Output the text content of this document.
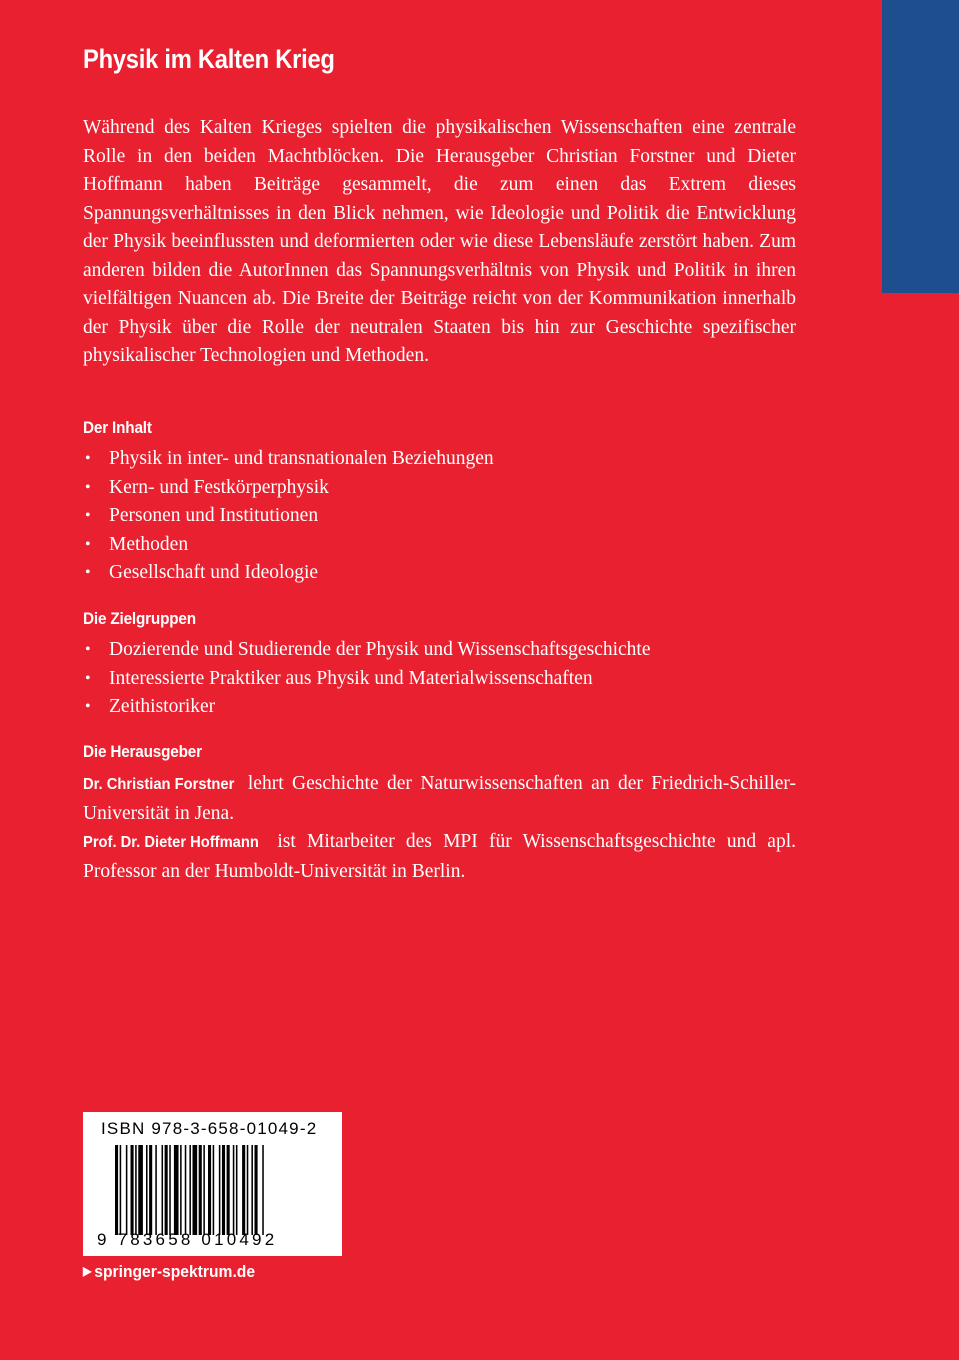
Physik im Kalten Krieg
Während des Kalten Krieges spielten die physikalischen Wissenschaften eine zentrale Rolle in den beiden Machtblöcken. Die Herausgeber Christian Forstner und Dieter Hoffmann haben Beiträge gesammelt, die zum einen das Extrem dieses Spannungsverhältnisses in den Blick nehmen, wie Ideologie und Politik die Entwicklung der Physik beeinflussten und deformierten oder wie diese Lebensläufe zerstört haben. Zum anderen bilden die AutorInnen das Spannungsverhältnis von Physik und Politik in ihren vielfältigen Nuancen ab. Die Breite der Beiträge reicht von der Kommunikation innerhalb der Physik über die Rolle der neutralen Staaten bis hin zur Geschichte spezifischer physikalischer Technologien und Methoden.
Der Inhalt
• Physik in inter- und transnationalen Beziehungen
• Kern- und Festkörperphysik
• Personen und Institutionen
• Methoden
• Gesellschaft und Ideologie
Die Zielgruppen
• Dozierende und Studierende der Physik und Wissenschaftsgeschichte
• Interessierte Praktiker aus Physik und Materialwissenschaften
• Zeithistoriker
Die Herausgeber

Dr. Christian Forstner lehrt Geschichte der Naturwissenschaften an der Friedrich-Schiller-Universität in Jena.

Prof. Dr. Dieter Hoffmann ist Mitarbeiter des MPI für Wissenschaftsgeschichte und apl. Professor an der Humboldt-Universität in Berlin.

ISBN 978-3-658-01049-2
9 783658 010492
▶ springer-spektrum.de
